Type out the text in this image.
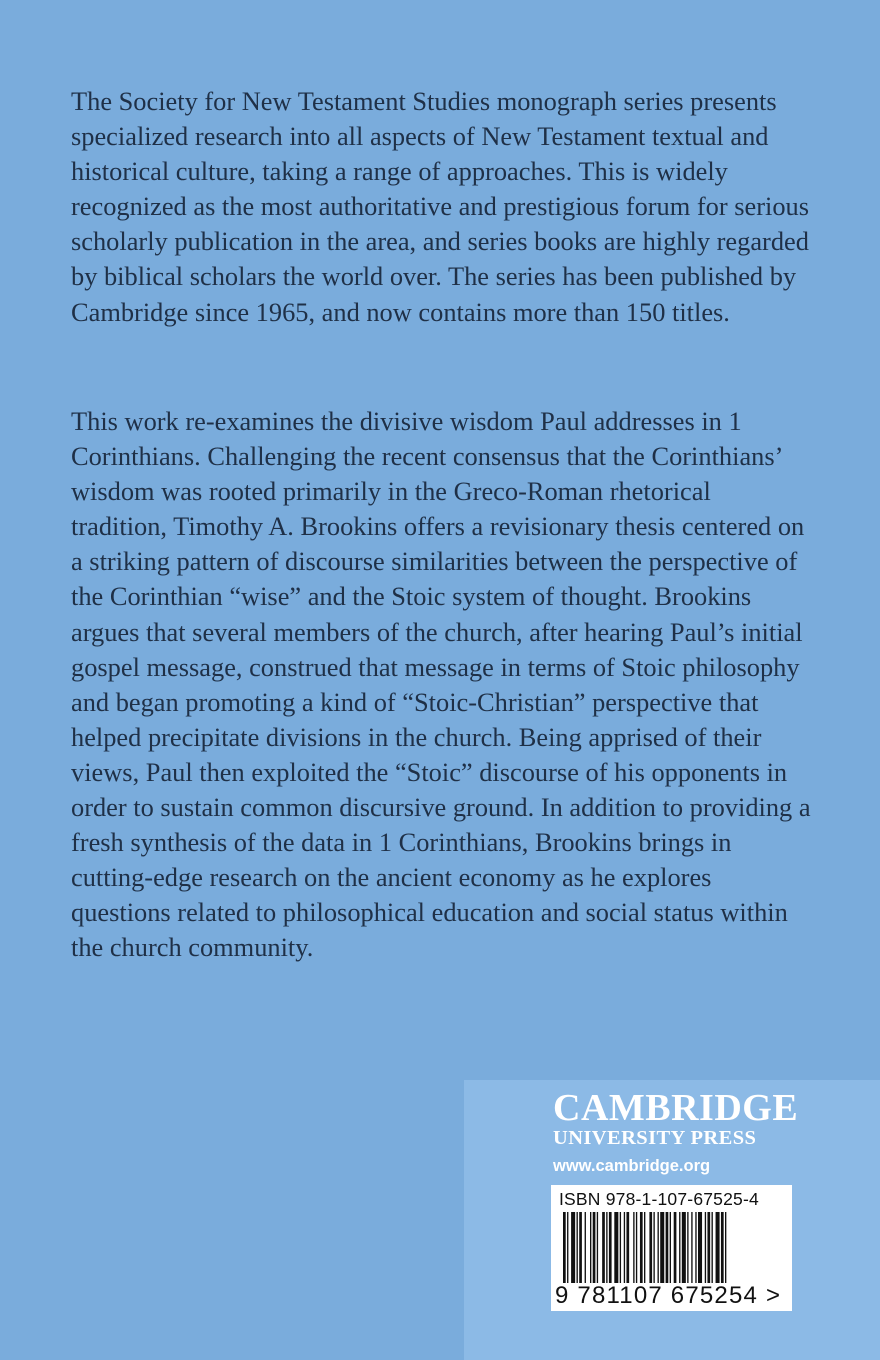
The Society for New Testament Studies monograph series presents specialized research into all aspects of New Testament textual and historical culture, taking a range of approaches. This is widely recognized as the most authoritative and prestigious forum for serious scholarly publication in the area, and series books are highly regarded by biblical scholars the world over. The series has been published by Cambridge since 1965, and now contains more than 150 titles.

This work re-examines the divisive wisdom Paul addresses in 1 Corinthians. Challenging the recent consensus that the Corinthians’ wisdom was rooted primarily in the Greco-Roman rhetorical tradition, Timothy A. Brookins offers a revisionary thesis centered on a striking pattern of discourse similarities between the perspective of the Corinthian “wise” and the Stoic system of thought. Brookins argues that several members of the church, after hearing Paul’s initial gospel message, construed that message in terms of Stoic philosophy and began promoting a kind of “Stoic-Christian” perspective that helped precipitate divisions in the church. Being apprised of their views, Paul then exploited the “Stoic” discourse of his opponents in order to sustain common discursive ground. In addition to providing a fresh synthesis of the data in 1 Corinthians, Brookins brings in cutting-edge research on the ancient economy as he explores questions related to philosophical education and social status within the church community.

CAMBRIDGE
UNIVERSITY PRESS
www.cambridge.org
ISBN 978-1-107-67525-4
9 781107 675254 >
